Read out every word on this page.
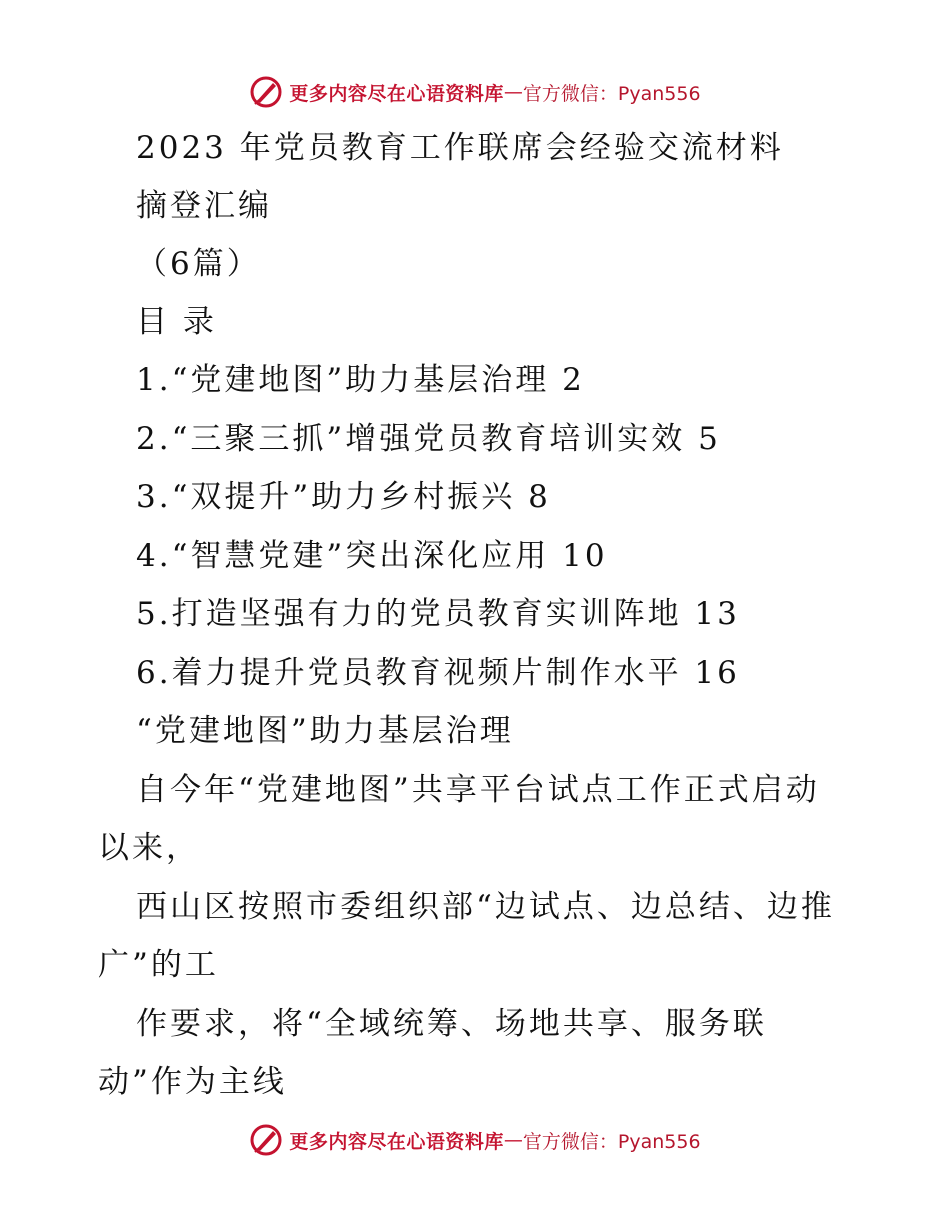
更多内容尽在心语资料库 — 官方微信：Pyan556
2023 年党员教育工作联席会经验交流材料
摘登汇编
（6篇）
目 录
1.“党建地图”助力基层治理 2
2.“三聚三抓”增强党员教育培训实效 5
3.“双提升”助力乡村振兴 8
4.“智慧党建”突出深化应用 10
5.打造坚强有力的党员教育实训阵地 13
6.着力提升党员教育视频片制作水平 16
“党建地图”助力基层治理
自今年“党建地图”共享平台试点工作正式启动
以来，
西山区按照市委组织部“边试点、边总结、边推
广”的工
作要求，将“全域统筹、场地共享、服务联
动”作为主线
更多内容尽在心语资料库 — 官方微信：Pyan556
